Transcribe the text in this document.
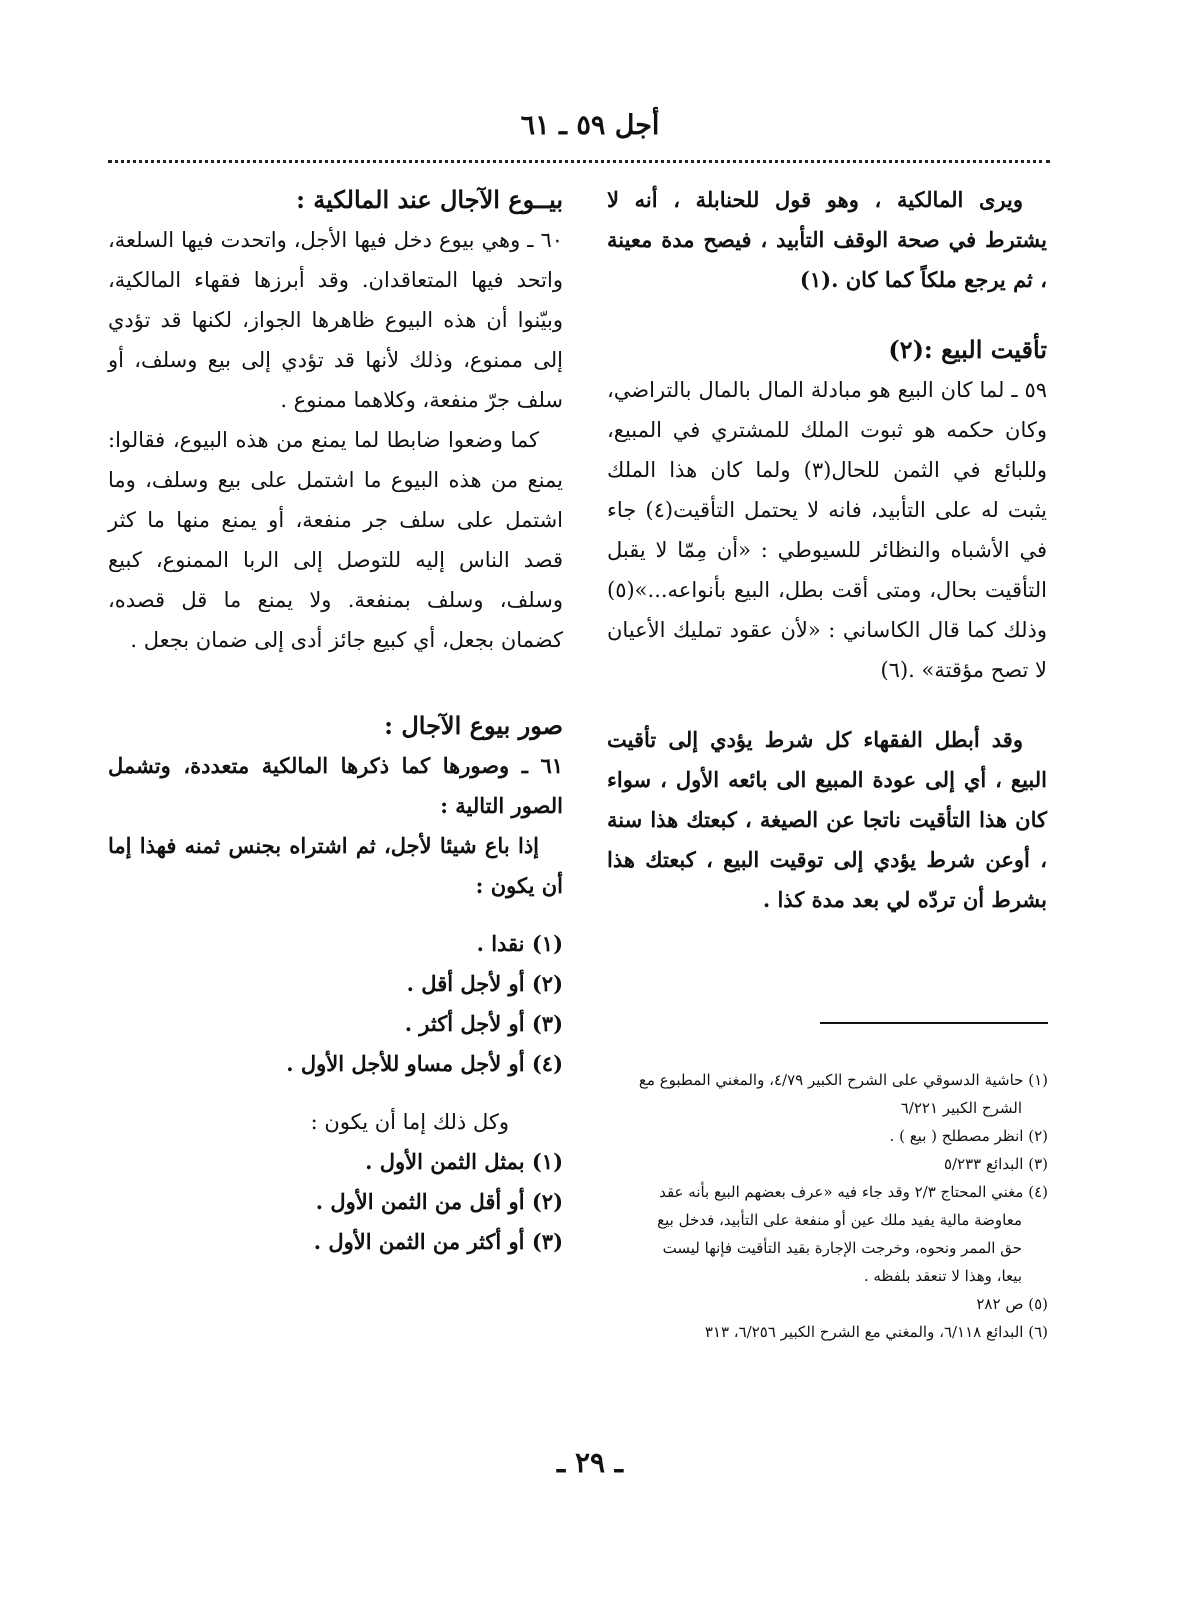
أجل ٥٩ ـ ٦١

ويرى المالكية ، وهو قول للحنابلة ، أنه لا يشترط في صحة الوقف التأبيد ، فيصح مدة معينة ، ثم يرجع ملكاً كما كان .(١)

تأقيت البيع :(٢)

٥٩ ـ لما كان البيع هو مبادلة المال بالمال بالتراضي، وكان حكمه هو ثبوت الملك للمشتري في المبيع، وللبائع في الثمن للحال(٣) ولما كان هذا الملك يثبت له على التأبيد، فانه لا يحتمل التأقيت(٤) جاء في الأشباه والنظائر للسيوطي : «أن مِمّا لا يقبل التأقيت بحال، ومتى أقت بطل، البيع بأنواعه...»(٥) وذلك كما قال الكاساني : «لأن عقود تمليك الأعيان لا تصح مؤقتة» .(٦)

وقد أبطل الفقهاء كل شرط يؤدي إلى تأقيت البيع ، أي إلى عودة المبيع الى بائعه الأول ، سواء كان هذا التأقيت ناتجا عن الصيغة ، كبعتك هذا سنة ، أوعن شرط يؤدي إلى توقيت البيع ، كبعتك هذا بشرط أن تردّه لي بعد مدة كذا .

بيــوع الآجال عند المالكية :

٦٠ ـ وهي بيوع دخل فيها الأجل، واتحدت فيها السلعة، واتحد فيها المتعاقدان. وقد أبرزها فقهاء المالكية، وبيّنوا أن هذه البيوع ظاهرها الجواز، لكنها قد تؤدي إلى ممنوع، وذلك لأنها قد تؤدي إلى بيع وسلف، أو سلف جرّ منفعة، وكلاهما ممنوع .

كما وضعوا ضابطا لما يمنع من هذه البيوع، فقالوا: يمنع من هذه البيوع ما اشتمل على بيع وسلف، وما اشتمل على سلف جر منفعة، أو يمنع منها ما كثر قصد الناس إليه للتوصل إلى الربا الممنوع، كبيع وسلف، وسلف بمنفعة. ولا يمنع ما قل قصده، كضمان بجعل، أي كبيع جائز أدى إلى ضمان بجعل .

صور بيوع الآجال :

٦١ ـ وصورها كما ذكرها المالكية متعددة، وتشمل الصور التالية :

إذا باع شيئا لأجل، ثم اشتراه بجنس ثمنه فهذا إما أن يكون :

(١) نقدا .
(٢) أو لأجل أقل .
(٣) أو لأجل أكثر .
(٤) أو لأجل مساو للأجل الأول .

وكل ذلك إما أن يكون :

(١) بمثل الثمن الأول .
(٢) أو أقل من الثمن الأول .
(٣) أو أكثر من الثمن الأول .

(١) حاشية الدسوقي على الشرح الكبير ٤/٧٩، والمغني المطبوع مع

الشرح الكبير ٦/٢٢١

(٢) انظر مصطلح ( بيع ) .

(٣) البدائع ٥/٢٣٣

(٤) مغني المحتاج ٢/٣ وقد جاء فيه «عرف بعضهم البيع بأنه عقد

معاوضة مالية يفيد ملك عين أو منفعة على التأبيد، فدخل بيع

حق الممر ونحوه، وخرجت الإجارة بقيد التأقيت فإنها ليست

بيعا، وهذا لا تنعقد بلفظه .

(٥) ص ٢٨٢

(٦) البدائع ٦/١١٨، والمغني مع الشرح الكبير ٦/٢٥٦، ٣١٣

ـ ٢٩ ـ
